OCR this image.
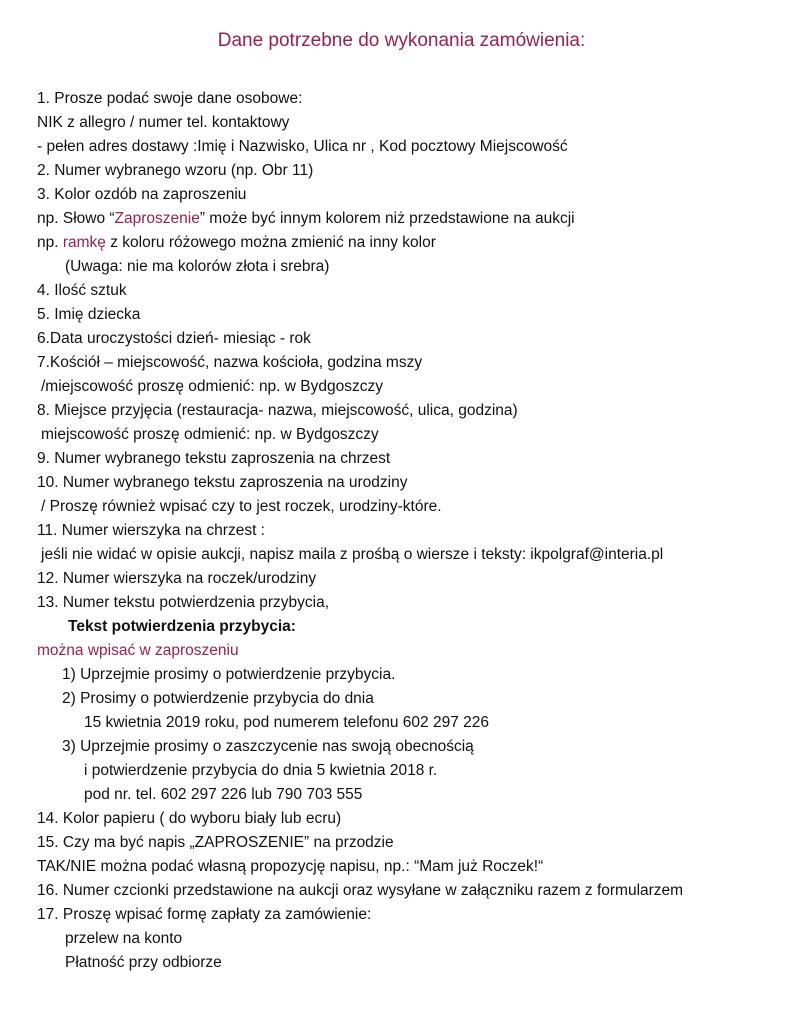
Dane potrzebne do wykonania zamówienia:
1. Prosze podać swoje dane osobowe:
NIK z allegro / numer tel. kontaktowy
- pełen adres dostawy :Imię i Nazwisko, Ulica nr , Kod pocztowy Miejscowość
2. Numer wybranego wzoru (np. Obr 11)
3. Kolor ozdób na zaproszeniu
np. Słowo “Zaproszenie” może być innym kolorem niż przedstawione na aukcji
np. ramkę z koloru różowego można zmienić na inny kolor
(Uwaga: nie ma kolorów złota i srebra)
4. Ilość sztuk
5. Imię dziecka
6.Data uroczystości dzień- miesiąc - rok
7.Kościół – miejscowość, nazwa kościoła, godzina mszy
/miejscowość proszę odmienić: np. w Bydgoszczy
8. Miejsce przyjęcia (restauracja- nazwa, miejscowość, ulica, godzina)
miejscowość proszę odmienić: np. w Bydgoszczy
9. Numer wybranego tekstu zaproszenia na chrzest
10. Numer wybranego tekstu zaproszenia na urodziny
/ Proszę również wpisać czy to jest roczek, urodziny-które.
11. Numer wierszyka na chrzest :
jeśli nie widać w opisie aukcji, napisz maila z prośbą o wiersze i teksty: ikpolgraf@interia.pl
12. Numer wierszyka na roczek/urodziny
13. Numer tekstu potwierdzenia przybycia,
Tekst potwierdzenia przybycia:
można wpisać w zaproszeniu
1) Uprzejmie prosimy o potwierdzenie przybycia.
2) Prosimy o potwierdzenie przybycia do dnia
15 kwietnia 2019 roku, pod numerem telefonu 602 297 226
3) Uprzejmie prosimy o zaszczycenie nas swoją obecnością
i potwierdzenie przybycia do dnia 5 kwietnia 2018 r.
pod nr. tel. 602 297 226 lub 790 703 555
14. Kolor papieru ( do wyboru biały lub ecru)
15. Czy ma być napis „ZAPROSZENIE” na przodzie
TAK/NIE można podać własną propozycję napisu, np.: “Mam już Roczek!“
16. Numer czcionki przedstawione na aukcji oraz wysyłane w załączniku razem z formularzem
17. Proszę wpisać formę zapłaty za zamówienie:
przelew na konto
Płatność przy odbiorze
